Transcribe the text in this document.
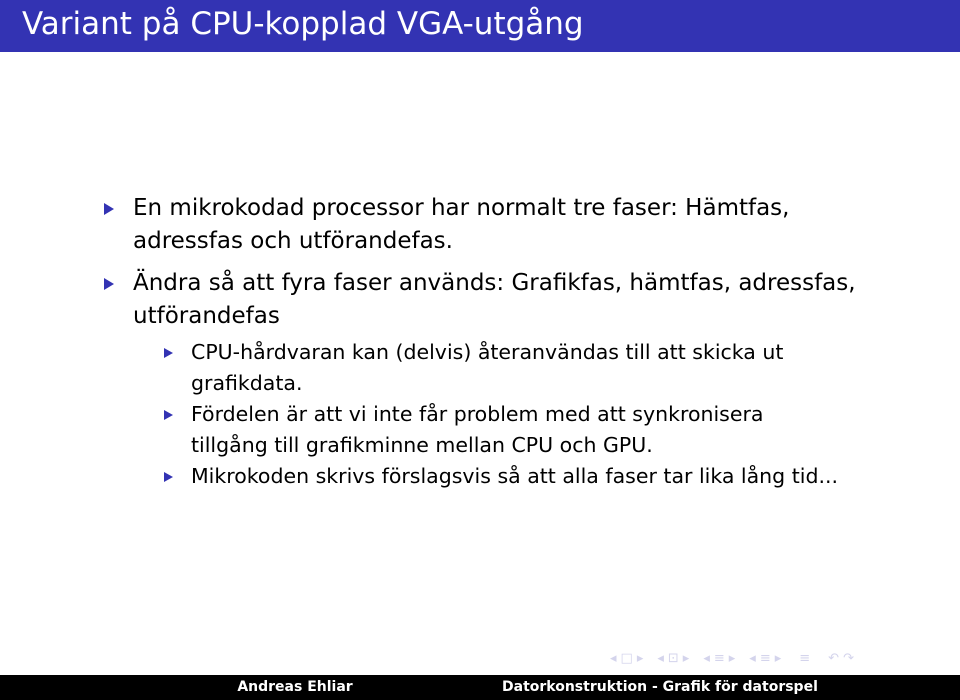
Variant på CPU-kopplad VGA-utgång
En mikrokodad processor har normalt tre faser: Hämtfas,
adressfas och utförandefas.
Ändra så att fyra faser används: Grafikfas, hämtfas, adressfas,
utförandefas
CPU-hårdvaran kan (delvis) återanvändas till att skicka ut
grafikdata.
Fördelen är att vi inte får problem med att synkronisera
tillgång till grafikminne mellan CPU och GPU.
Mikrokoden skrivs förslagsvis så att alla faser tar lika lång tid...
◂ □ ▸ ◂ ⊡ ▸ ◂ ≡ ▸ ◂ ≡ ▸ ≡ ↶ ↷
Andreas Ehliar	Datorkonstruktion - Grafik för datorspel
